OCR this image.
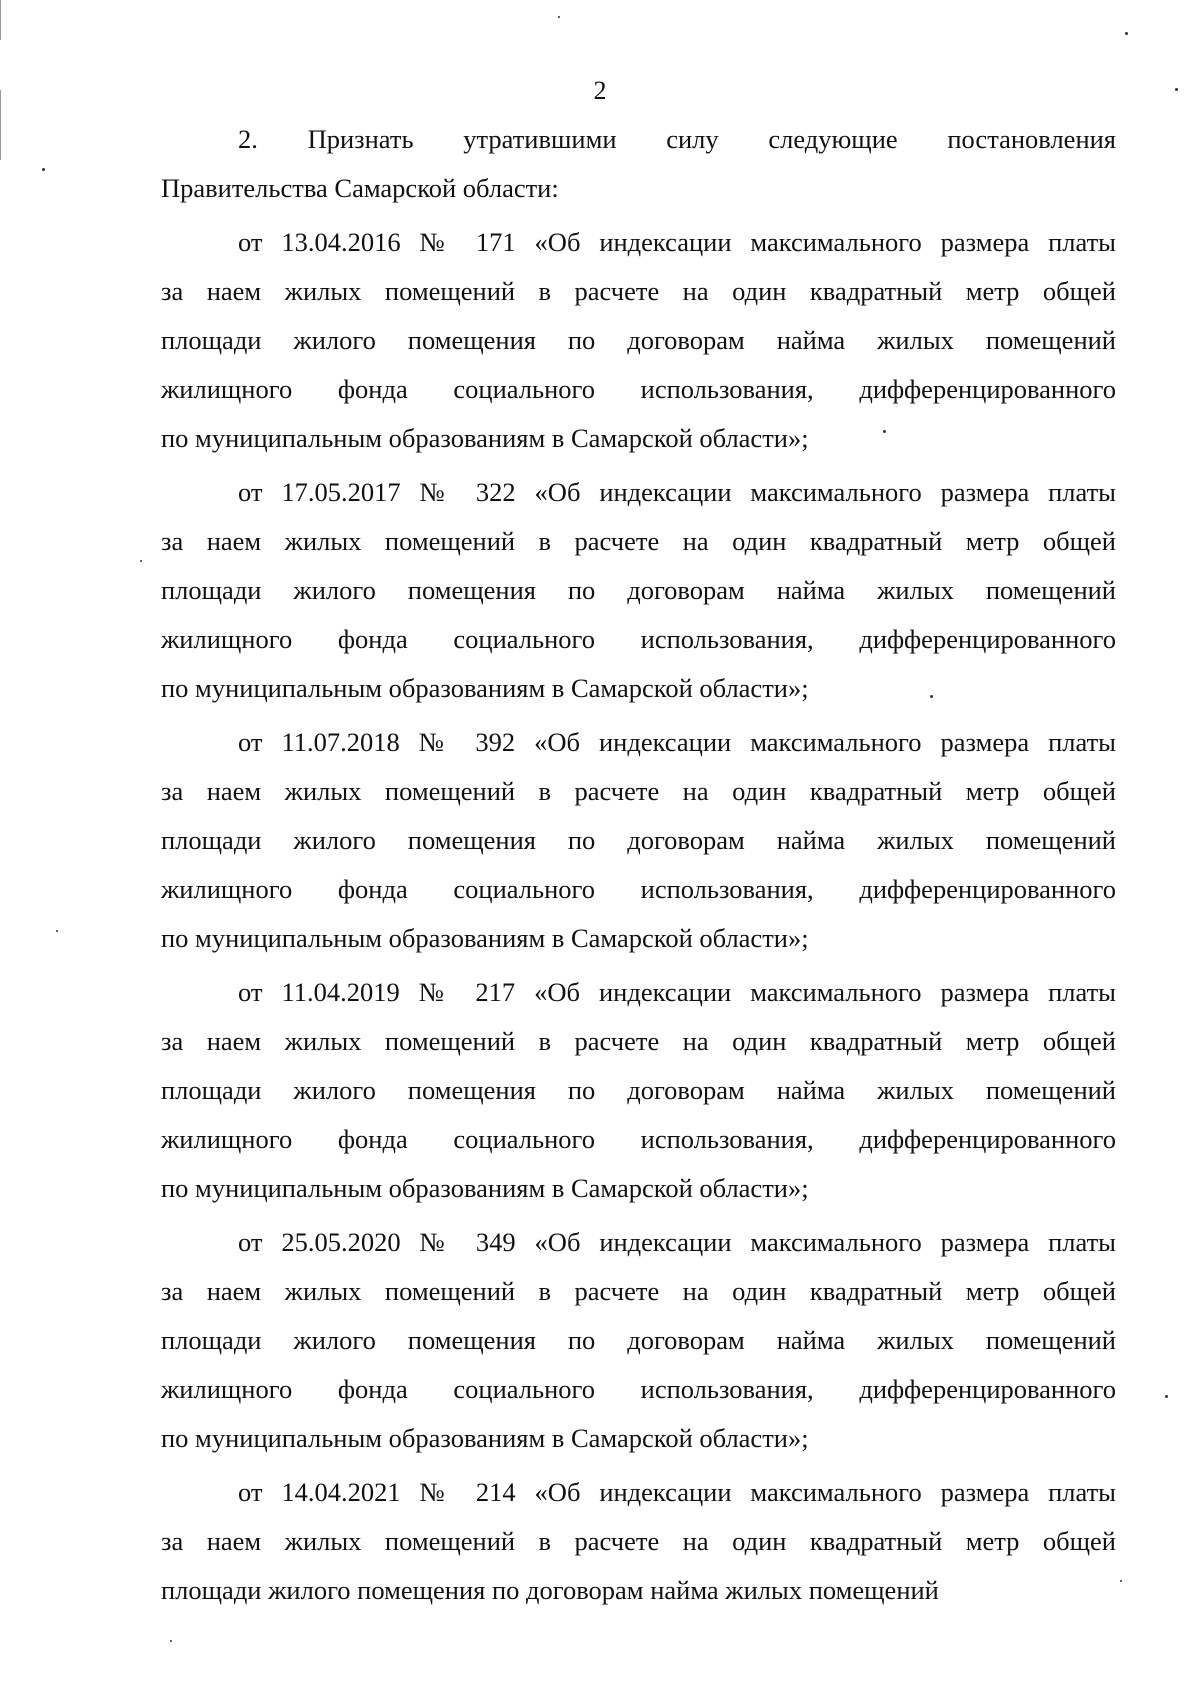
2
2. Признать утратившими силу следующие постановления
Правительства Самарской области:
от 13.04.2016 № 171 «Об индексации максимального размера платы
за наем жилых помещений в расчете на один квадратный метр общей
площади жилого помещения по договорам найма жилых помещений
жилищного фонда социального использования, дифференцированного
по муниципальным образованиям в Самарской области»;
от 17.05.2017 № 322 «Об индексации максимального размера платы
за наем жилых помещений в расчете на один квадратный метр общей
площади жилого помещения по договорам найма жилых помещений
жилищного фонда социального использования, дифференцированного
по муниципальным образованиям в Самарской области»;
от 11.07.2018 № 392 «Об индексации максимального размера платы
за наем жилых помещений в расчете на один квадратный метр общей
площади жилого помещения по договорам найма жилых помещений
жилищного фонда социального использования, дифференцированного
по муниципальным образованиям в Самарской области»;
от 11.04.2019 № 217 «Об индексации максимального размера платы
за наем жилых помещений в расчете на один квадратный метр общей
площади жилого помещения по договорам найма жилых помещений
жилищного фонда социального использования, дифференцированного
по муниципальным образованиям в Самарской области»;
от 25.05.2020 № 349 «Об индексации максимального размера платы
за наем жилых помещений в расчете на один квадратный метр общей
площади жилого помещения по договорам найма жилых помещений
жилищного фонда социального использования, дифференцированного
по муниципальным образованиям в Самарской области»;
от 14.04.2021 № 214 «Об индексации максимального размера платы
за наем жилых помещений в расчете на один квадратный метр общей
площади жилого помещения по договорам найма жилых помещений
